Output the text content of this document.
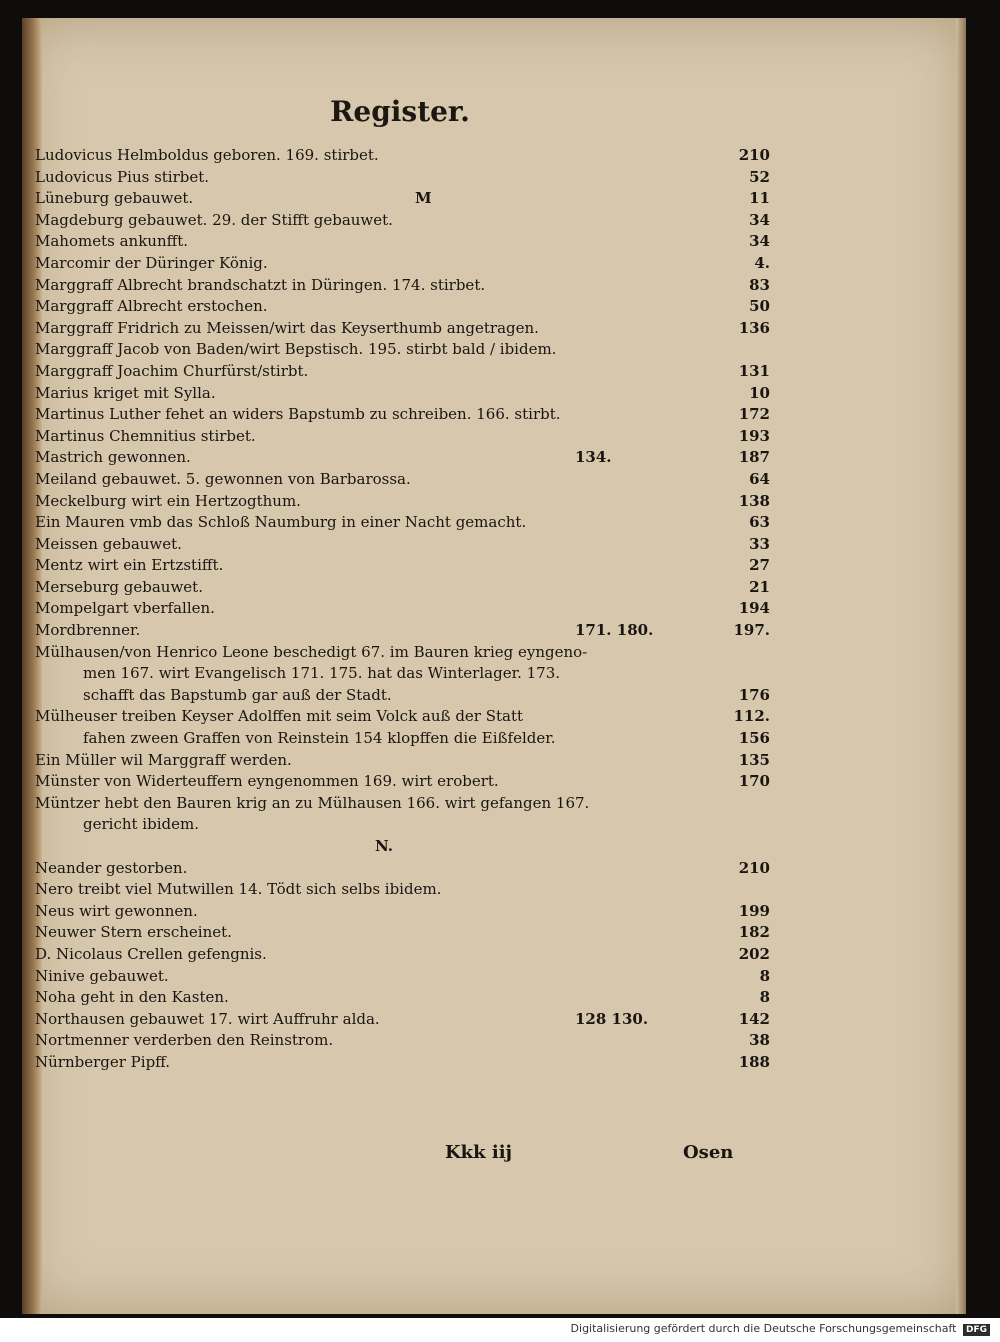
Register.
Ludovicus Helmboldus geboren. 169. stirbet.	210
Ludovicus Pius stirbet.	52
Lüneburg gebauwet.	M	11
Magdeburg gebauwet. 29. der Stifft gebauwet.	34
Mahomets ankunfft.	34
Marcomir der Düringer König.	4.
Marggraff Albrecht brandschatzt in Düringen. 174. stirbet.	83
Marggraff Albrecht erstochen.	50
Marggraff Fridrich zu Meissen/wirt das Keyserthumb angetragen.	136
Marggraff Jacob von Baden/wirt Bepstisch. 195. stirbt bald / ibidem.
Marggraff Joachim Churfürst/stirbt.	131
Marius kriget mit Sylla.	10
Martinus Luther fehet an widers Bapstumb zu schreiben. 166. stirbt.	172
Martinus Chemnitius stirbet.	193
Mastrich gewonnen.	134.	187
Meiland gebauwet. 5. gewonnen von Barbarossa.	64
Meckelburg wirt ein Hertzogthum.	138
Ein Mauren vmb das Schloß Naumburg in einer Nacht gemacht.	63
Meissen gebauwet.	33
Mentz wirt ein Ertzstifft.	27
Merseburg gebauwet.	21
Mompelgart vberfallen.	194
Mordbrenner.	171. 180.	197.
Mülhausen/von Henrico Leone beschedigt 67. im Bauren krieg eyngeno-
men 167. wirt Evangelisch 171. 175. hat das Winterlager. 173.
schafft das Bapstumb gar auß der Stadt.	176
Mülheuser treiben Keyser Adolffen mit seim Volck auß der Statt	112.
fahen zween Graffen von Reinstein 154 klopffen die Eißfelder.	156
Ein Müller wil Marggraff werden.	135
Münster von Widerteuffern eyngenommen 169. wirt erobert.	170
Müntzer hebt den Bauren krig an zu Mülhausen 166. wirt gefangen 167.
gericht ibidem.
N.
Neander gestorben.	210
Nero treibt viel Mutwillen 14. Tödt sich selbs ibidem.
Neus wirt gewonnen.	199
Neuwer Stern erscheinet.	182
D. Nicolaus Crellen gefengnis.	202
Ninive gebauwet.	8
Noha geht in den Kasten.	8
Northausen gebauwet 17. wirt Auffruhr alda.	128 130.	142
Nortmenner verderben den Reinstrom.	38
Nürnberger Pipff.	188
Kkk iij	Osen
Digitalisierung gefördert durch die Deutsche Forschungsgemeinschaft DFG
